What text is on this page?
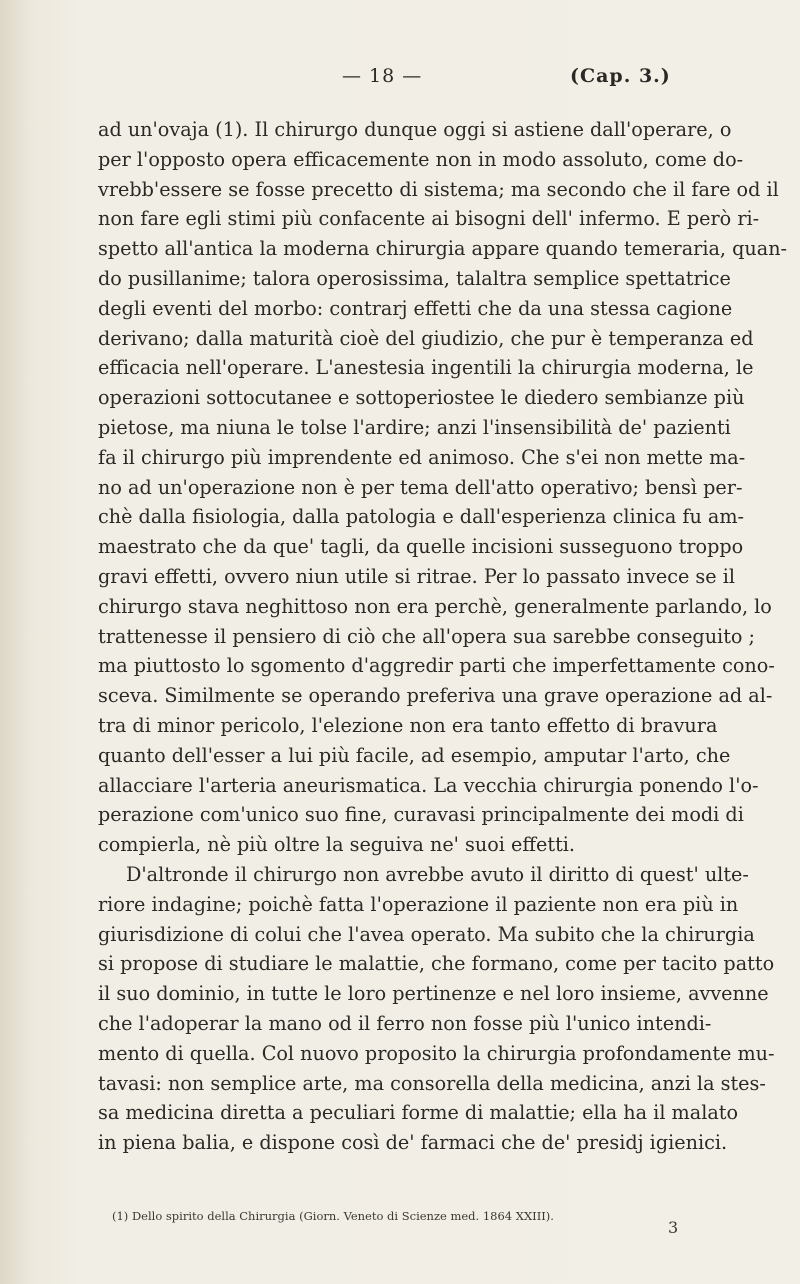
— 18 —	(Cap. 3.)
ad un'ovaja (1). Il chirurgo dunque oggi si astiene dall'operare, o
per l'opposto opera efficacemente non in modo assoluto, come do-
vrebb'essere se fosse precetto di sistema; ma secondo che il fare od il
non fare egli stimi più confacente ai bisogni dell' infermo. E però ri-
spetto all'antica la moderna chirurgia appare quando temeraria, quan-
do pusillanime; talora operosissima, talaltra semplice spettatrice
degli eventi del morbo: contrarj effetti che da una stessa cagione
derivano; dalla maturità cioè del giudizio, che pur è temperanza ed
efficacia nell'operare. L'anestesia ingentili la chirurgia moderna, le
operazioni sottocutanee e sottoperiostee le diedero sembianze più
pietose, ma niuna le tolse l'ardire; anzi l'insensibilità de' pazienti
fa il chirurgo più imprendente ed animoso. Che s'ei non mette ma-
no ad un'operazione non è per tema dell'atto operativo; bensì per-
chè dalla fisiologia, dalla patologia e dall'esperienza clinica fu am-
maestrato che da que' tagli, da quelle incisioni susseguono troppo
gravi effetti, ovvero niun utile si ritrae. Per lo passato invece se il
chirurgo stava neghittoso non era perchè, generalmente parlando, lo
trattenesse il pensiero di ciò che all'opera sua sarebbe conseguito ;
ma piuttosto lo sgomento d'aggredir parti che imperfettamente cono-
sceva. Similmente se operando preferiva una grave operazione ad al-
tra di minor pericolo, l'elezione non era tanto effetto di bravura
quanto dell'esser a lui più facile, ad esempio, amputar l'arto, che
allacciare l'arteria aneurismatica. La vecchia chirurgia ponendo l'o-
perazione com'unico suo fine, curavasi principalmente dei modi di
compierla, nè più oltre la seguiva ne' suoi effetti.
D'altronde il chirurgo non avrebbe avuto il diritto di quest' ulte-
riore indagine; poichè fatta l'operazione il paziente non era più in
giurisdizione di colui che l'avea operato. Ma subito che la chirurgia
si propose di studiare le malattie, che formano, come per tacito patto
il suo dominio, in tutte le loro pertinenze e nel loro insieme, avvenne
che l'adoperar la mano od il ferro non fosse più l'unico intendi-
mento di quella. Col nuovo proposito la chirurgia profondamente mu-
tavasi: non semplice arte, ma consorella della medicina, anzi la stes-
sa medicina diretta a peculiari forme di malattie; ella ha il malato
in piena balia, e dispone così de' farmaci che de' presidj igienici.
(1) Dello spirito della Chirurgia (Giorn. Veneto di Scienze med. 1864 XXIII).
3
